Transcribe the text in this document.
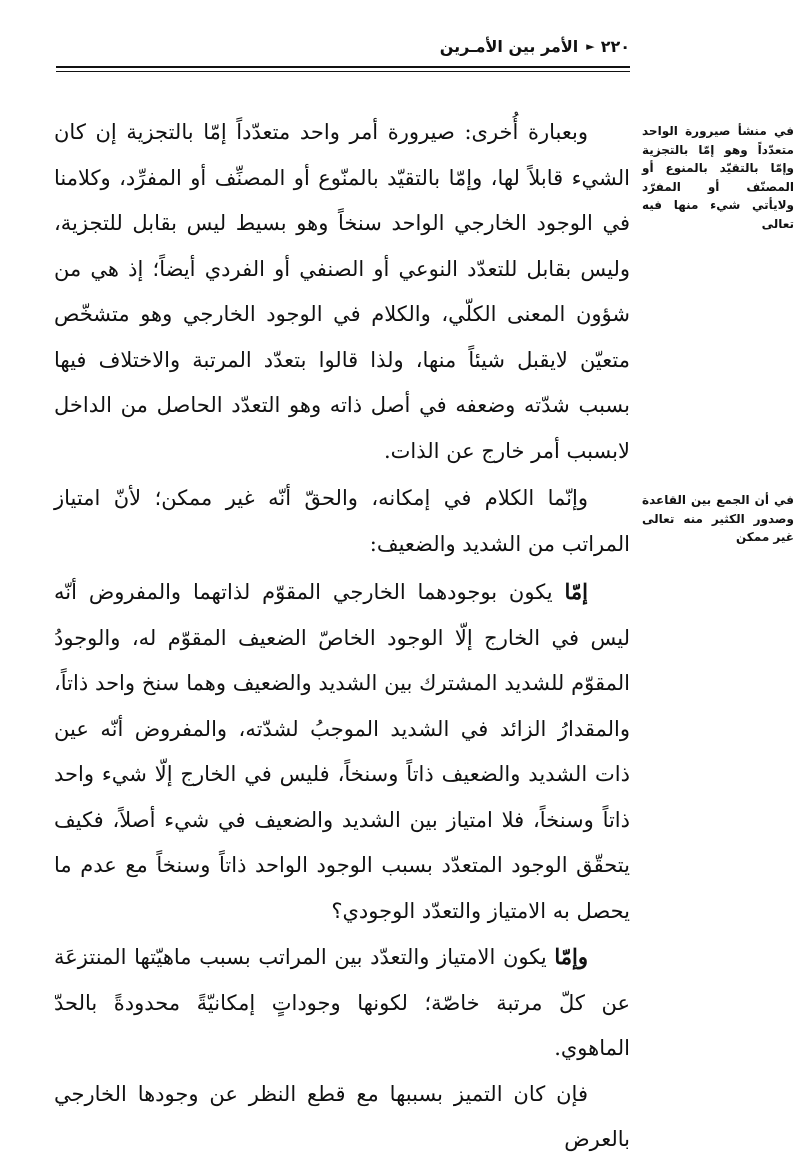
٢٢٠
►
الأمر بين الأمـرين
في منشأ صيرورة الواحد متعدّداً وهو إمّا بالتجزية وإمّا بالتقيّد بالمنوع أو المصنّف أو المفرّد ولايأتي شيء منها فيه تعالى
في أن الجمع بين القاعدة وصدور الكثير منه تعالى غير ممكن

وبعبارة أُخرى: صيرورة أمر واحد متعدّداً إمّا بالتجزية إن كان الشيء قابلاً لها، وإمّا بالتقيّد بالمنّوع أو المصنِّف أو المفرِّد، وكلامنا في الوجود الخارجي الواحد سنخاً وهو بسيط ليس بقابل للتجزية، وليس بقابل للتعدّد النوعي أو الصنفي أو الفردي أيضاً؛ إذ هي من شؤون المعنى الكلّي، والكلام في الوجود الخارجي وهو متشخّص متعيّن لايقبل شيئاً منها، ولذا قالوا بتعدّد المرتبة والاختلاف فيها بسبب شدّته وضعفه في أصل ذاته وهو التعدّد الحاصل من الداخل لابسبب أمر خارج عن الذات.

وإنّما الكلام في إمكانه، والحقّ أنّه غير ممكن؛ لأنّ امتياز المراتب من الشديد والضعيف:

إمّا يكون بوجودهما الخارجي المقوّم لذاتهما والمفروض أنّه ليس في الخارج إلّا الوجود الخاصّ الضعيف المقوّم له، والوجودُ المقوّم للشديد المشترك بين الشديد والضعيف وهما سنخ واحد ذاتاً، والمقدارُ الزائد في الشديد الموجبُ لشدّته، والمفروض أنّه عين ذات الشديد والضعيف ذاتاً وسنخاً، فليس في الخارج إلّا شيء واحد ذاتاً وسنخاً، فلا امتياز بين الشديد والضعيف في شيء أصلاً، فكيف يتحقّق الوجود المتعدّد بسبب الوجود الواحد ذاتاً وسنخاً مع عدم ما يحصل به الامتياز والتعدّد الوجودي؟

وإمّا يكون الامتياز والتعدّد بين المراتب بسبب ماهيّتها المنتزعَة عن كلّ مرتبة خاصّة؛ لكونها وجوداتٍ إمكانيّةً محدودةً بالحدّ الماهوي.

فإن كان التميز بسببها مع قطع النظر عن وجودها الخارجي بالعرض
